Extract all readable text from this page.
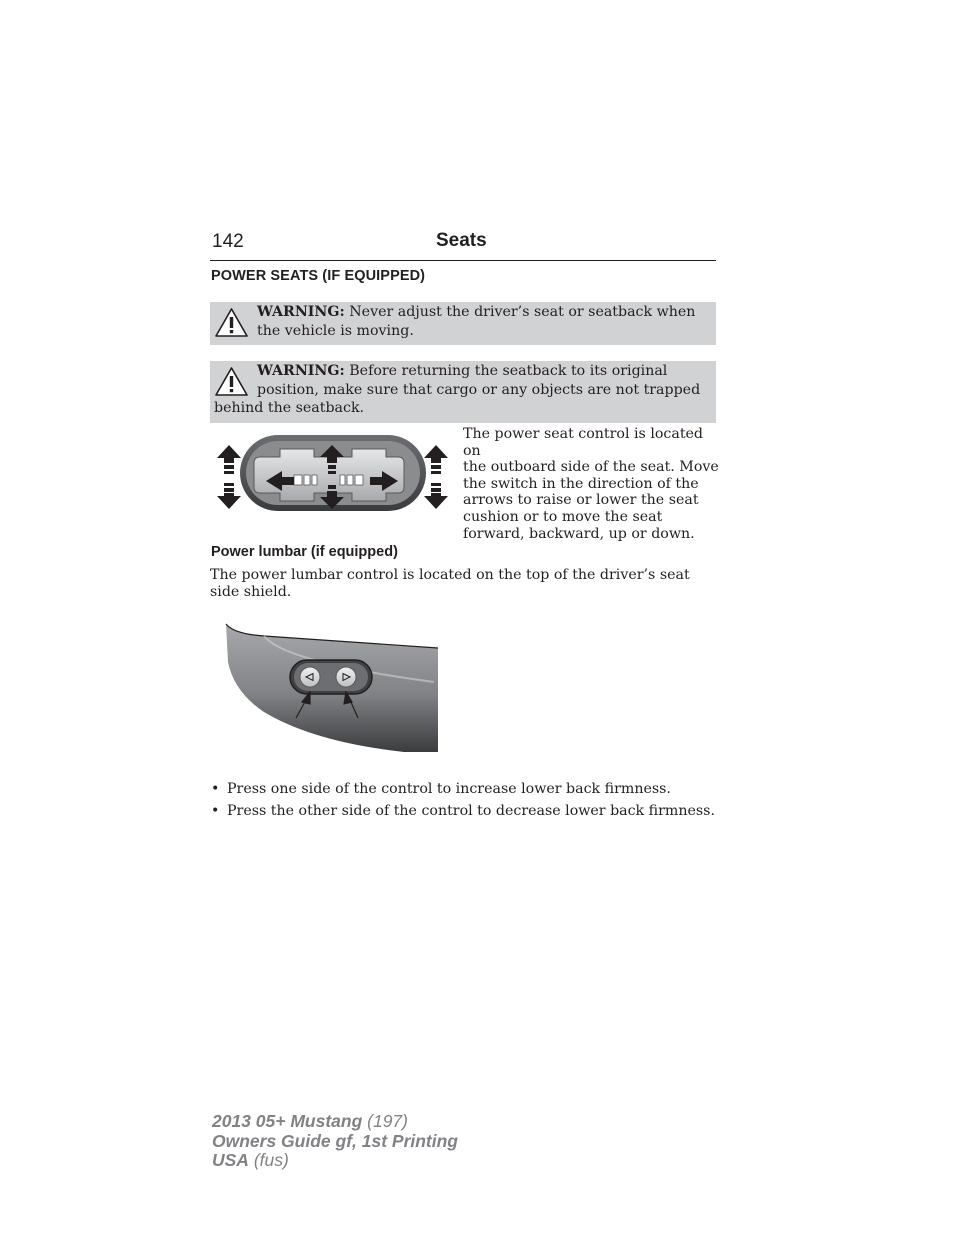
142	Seats
POWER SEATS (IF EQUIPPED)
WARNING: Never adjust the driver’s seat or seatback when the vehicle is moving.
WARNING: Before returning the seatback to its original position, make sure that cargo or any objects are not trapped behind the seatback.
The power seat control is located on
the outboard side of the seat. Move
the switch in the direction of the
arrows to raise or lower the seat
cushion or to move the seat
forward, backward, up or down.
Power lumbar (if equipped)
The power lumbar control is located on the top of the driver’s seat side shield.
• Press one side of the control to increase lower back firmness.
• Press the other side of the control to decrease lower back firmness.
2013 05+ Mustang (197)
Owners Guide gf, 1st Printing
USA (fus)
